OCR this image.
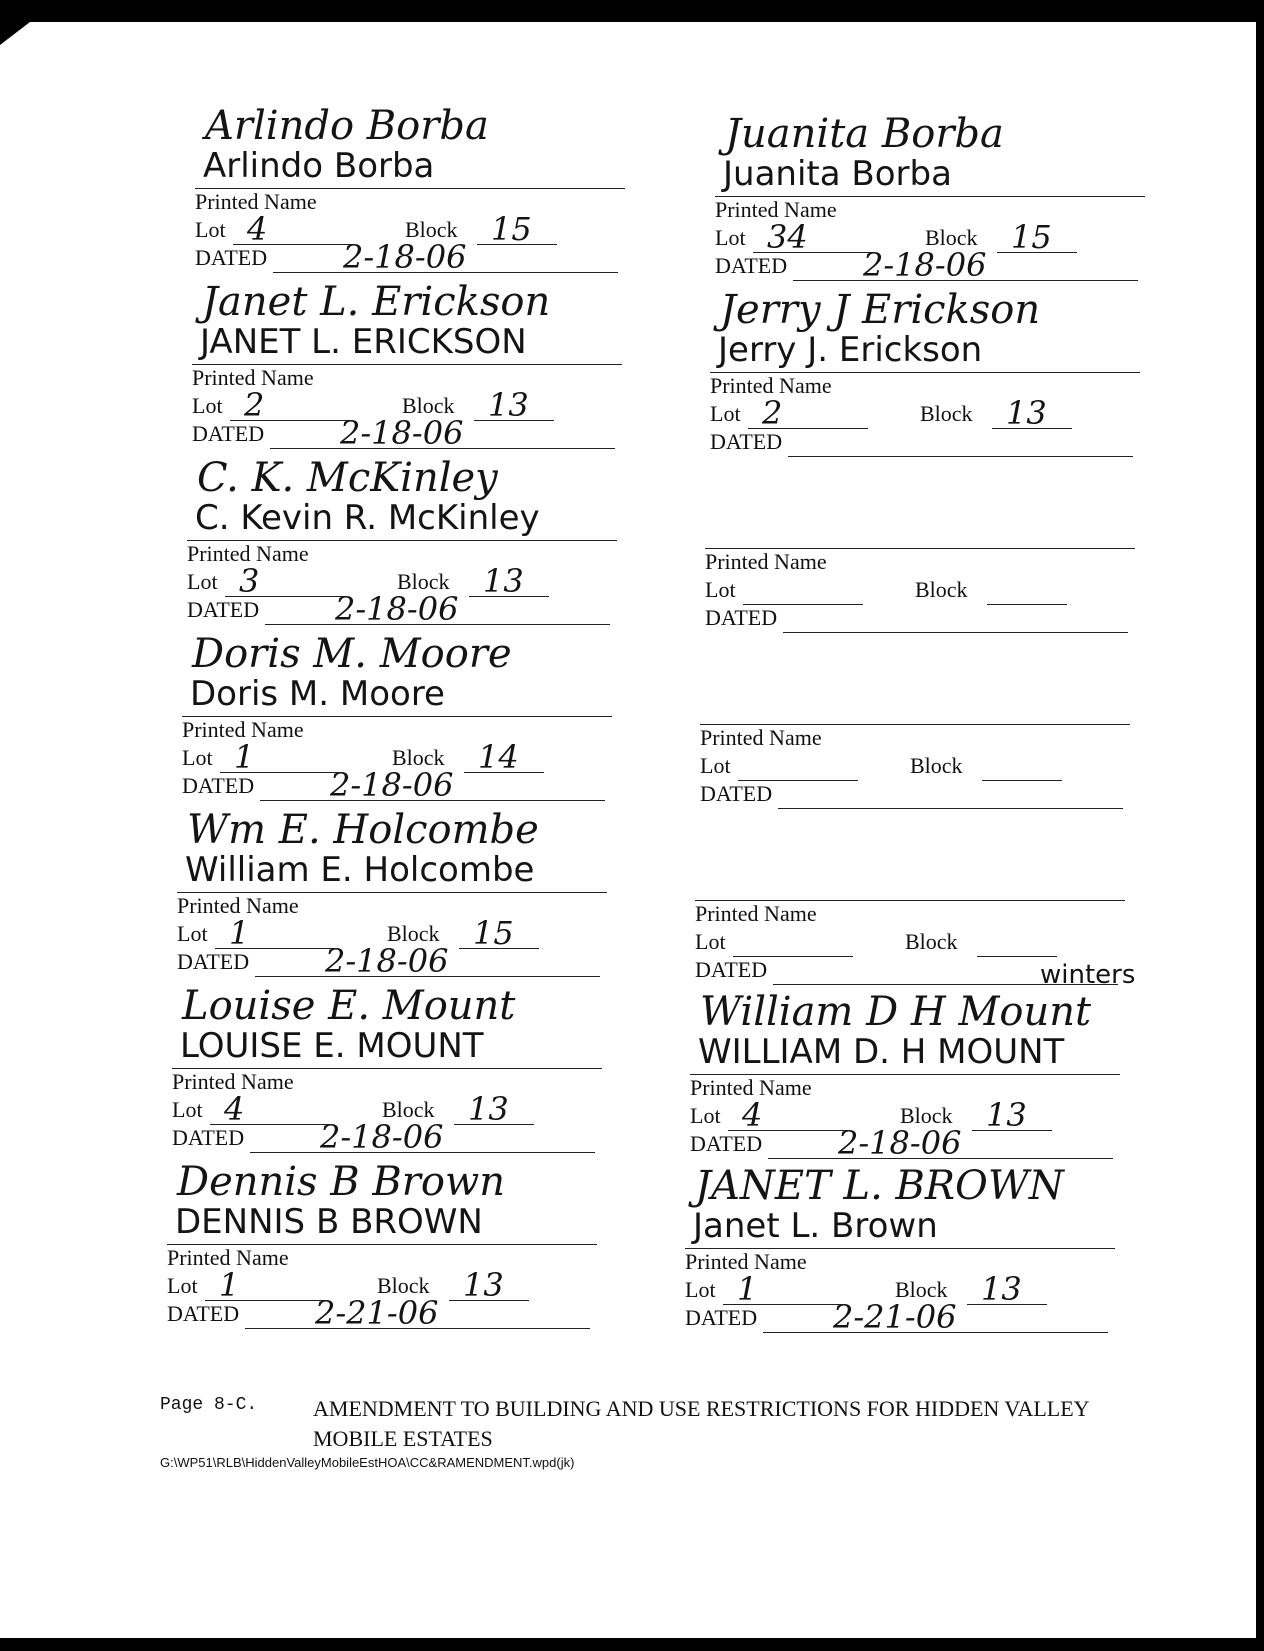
Arlindo Borba
Arlindo Borba
Printed Name
Lot 4	Block 15
DATED 2-18-06
Janet L. Erickson
JANET L. ERICKSON
Printed Name
Lot 2	Block 13
DATED 2-18-06
C. K. McKinley
C. Kevin R. McKinley
Printed Name
Lot 3	Block 13
DATED 2-18-06
Doris M. Moore
Doris M. Moore
Printed Name
Lot 1	Block 14
DATED 2-18-06
Wm E. Holcombe
William E. Holcombe
Printed Name
Lot 1	Block 15
DATED 2-18-06
Louise E. Mount
LOUISE E. MOUNT
Printed Name
Lot 4	Block 13
DATED 2-18-06
Dennis B Brown
DENNIS B BROWN
Printed Name
Lot 1	Block 13
DATED 2-21-06
Juanita Borba
Juanita Borba
Printed Name
Lot 34	Block 15
DATED 2-18-06
Jerry J Erickson
Jerry J. Erickson
Printed Name
Lot 2	Block 13
DATED
Printed Name
Lot	Block
DATED
Printed Name
Lot	Block
DATED
Printed Name
Lot	Block
DATED
William D H Mount
WILLIAM D. H MOUNT
Printed Name
Lot 4	Block 13
DATED 2-18-06
winters
JANET L. BROWN
Janet L. Brown
Printed Name
Lot 1	Block 13
DATED 2-21-06
Page 8-C.	AMENDMENT TO BUILDING AND USE RESTRICTIONS FOR HIDDEN VALLEY MOBILE ESTATES
G:\WP51\RLB\HiddenValleyMobileEstHOA\CC&RAMENDMENT.wpd(jk)
